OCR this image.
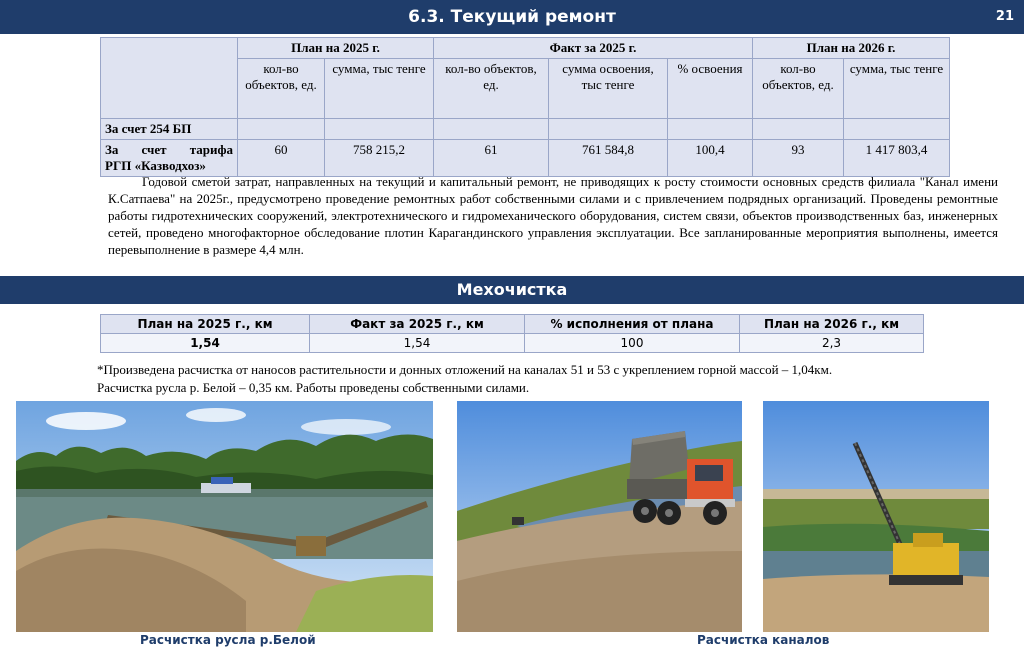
6.3. Текущий ремонт	21
	План на 2025 г.		Факт за 2025 г.			План на 2026 г.	
	кол-во объектов, ед.	сумма, тыс тенге	кол-во объектов, ед.	сумма освоения, тыс тенге	% освоения	кол-во объектов, ед.	сумма, тыс тенге
За счет 254 БП							

За счет тарифа
РГП «Казводхоз»	60	758 215,2	61	761 584,8	100,4	93	1 417 803,4

Годовой сметой затрат, направленных на текущий и капитальный ремонт, не приводящих к росту стоимости основных средств филиала "Канал имени К.Сатпаева" на 2025г., предусмотрено проведение ремонтных работ собственными силами и с привлечением подрядных организаций. Проведены ремонтные работы гидротехнических сооружений, электротехнического и гидромеханического оборудования, систем связи, объектов производственных баз, инженерных сетей, проведено многофакторное обследование плотин Карагандинского управления эксплуатации. Все запланированные мероприятия выполнены, имеется перевыполнение в размере 4,4 млн.

Мехочистка
План на 2025 г., км	Факт за 2025 г., км	% исполнения от плана	План на 2026 г., км
1,54	1,54	100	2,3

*Произведена расчистка от наносов растительности и донных отложений на каналах 51 и 53 с укреплением горной массой – 1,04км.

Расчистка русла р. Белой – 0,35 км. Работы проведены собственными силами.

Расчистка русла р.Белой	Расчистка каналов
